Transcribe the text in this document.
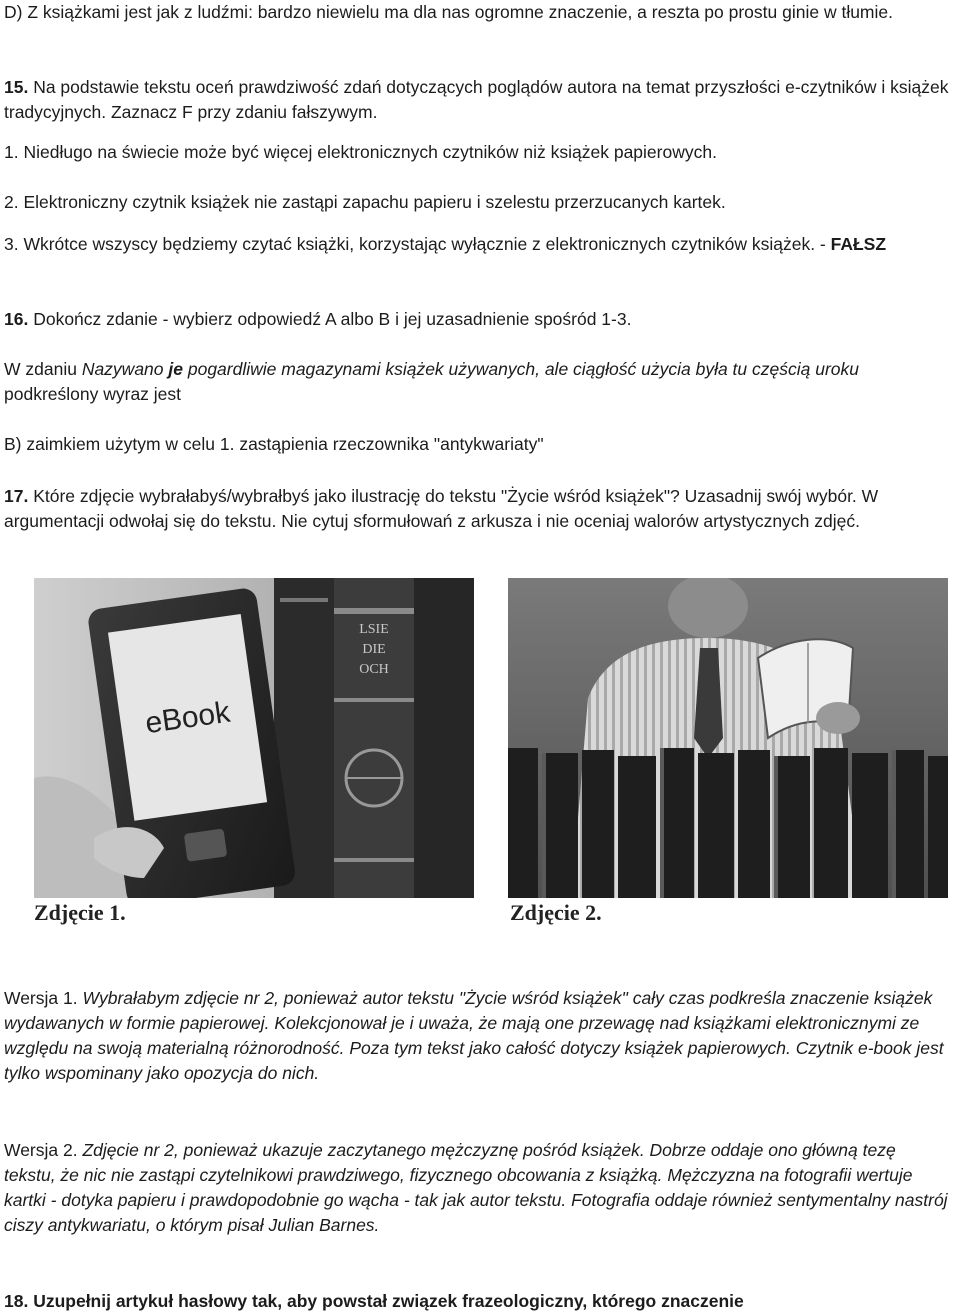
D) Z książkami jest jak z ludźmi: bardzo niewielu ma dla nas ogromne znaczenie, a reszta po prostu ginie w tłumie.

15. Na podstawie tekstu oceń prawdziwość zdań dotyczących poglądów autora na temat przyszłości e-czytników i książek tradycyjnych. Zaznacz F przy zdaniu fałszywym.

1. Niedługo na świecie może być więcej elektronicznych czytników niż książek papierowych.

2. Elektroniczny czytnik książek nie zastąpi zapachu papieru i szelestu przerzucanych kartek.

3. Wkrótce wszyscy będziemy czytać książki, korzystając wyłącznie z elektronicznych czytników książek. - FAŁSZ

16. Dokończ zdanie - wybierz odpowiedź A albo B i jej uzasadnienie spośród 1-3.

W zdaniu Nazywano je pogardliwie magazynami książek używanych, ale ciągłość użycia była tu częścią uroku podkreślony wyraz jest

B) zaimkiem użytym w celu 1. zastąpienia rzeczownika "antykwariaty"

17. Które zdjęcie wybrałabyś/wybrałbyś jako ilustrację do tekstu "Życie wśród książek"? Uzasadnij swój wybór. W argumentacji odwołaj się do tekstu. Nie cytuj sformułowań z arkusza i nie oceniaj walorów artystycznych zdjęć.

LSIE
DIE
OCH
eBook
Zdjęcie 1.	Zdjęcie 2.

Wersja 1. Wybrałabym zdjęcie nr 2, ponieważ autor tekstu "Życie wśród książek" cały czas podkreśla znaczenie książek wydawanych w formie papierowej. Kolekcjonował je i uważa, że mają one przewagę nad książkami elektronicznymi ze względu na swoją materialną różnorodność. Poza tym tekst jako całość dotyczy książek papierowych. Czytnik e-book jest tylko wspominany jako opozycja do nich.

Wersja 2. Zdjęcie nr 2, ponieważ ukazuje zaczytanego mężczyznę pośród książek. Dobrze oddaje ono główną tezę tekstu, że nic nie zastąpi czytelnikowi prawdziwego, fizycznego obcowania z książką. Mężczyzna na fotografii wertuje kartki - dotyka papieru i prawdopodobnie go wącha - tak jak autor tekstu. Fotografia oddaje również sentymentalny nastrój ciszy antykwariatu, o którym pisał Julian Barnes.

18. Uzupełnij artykuł hasłowy tak, aby powstał związek frazeologiczny, którego znaczenie
